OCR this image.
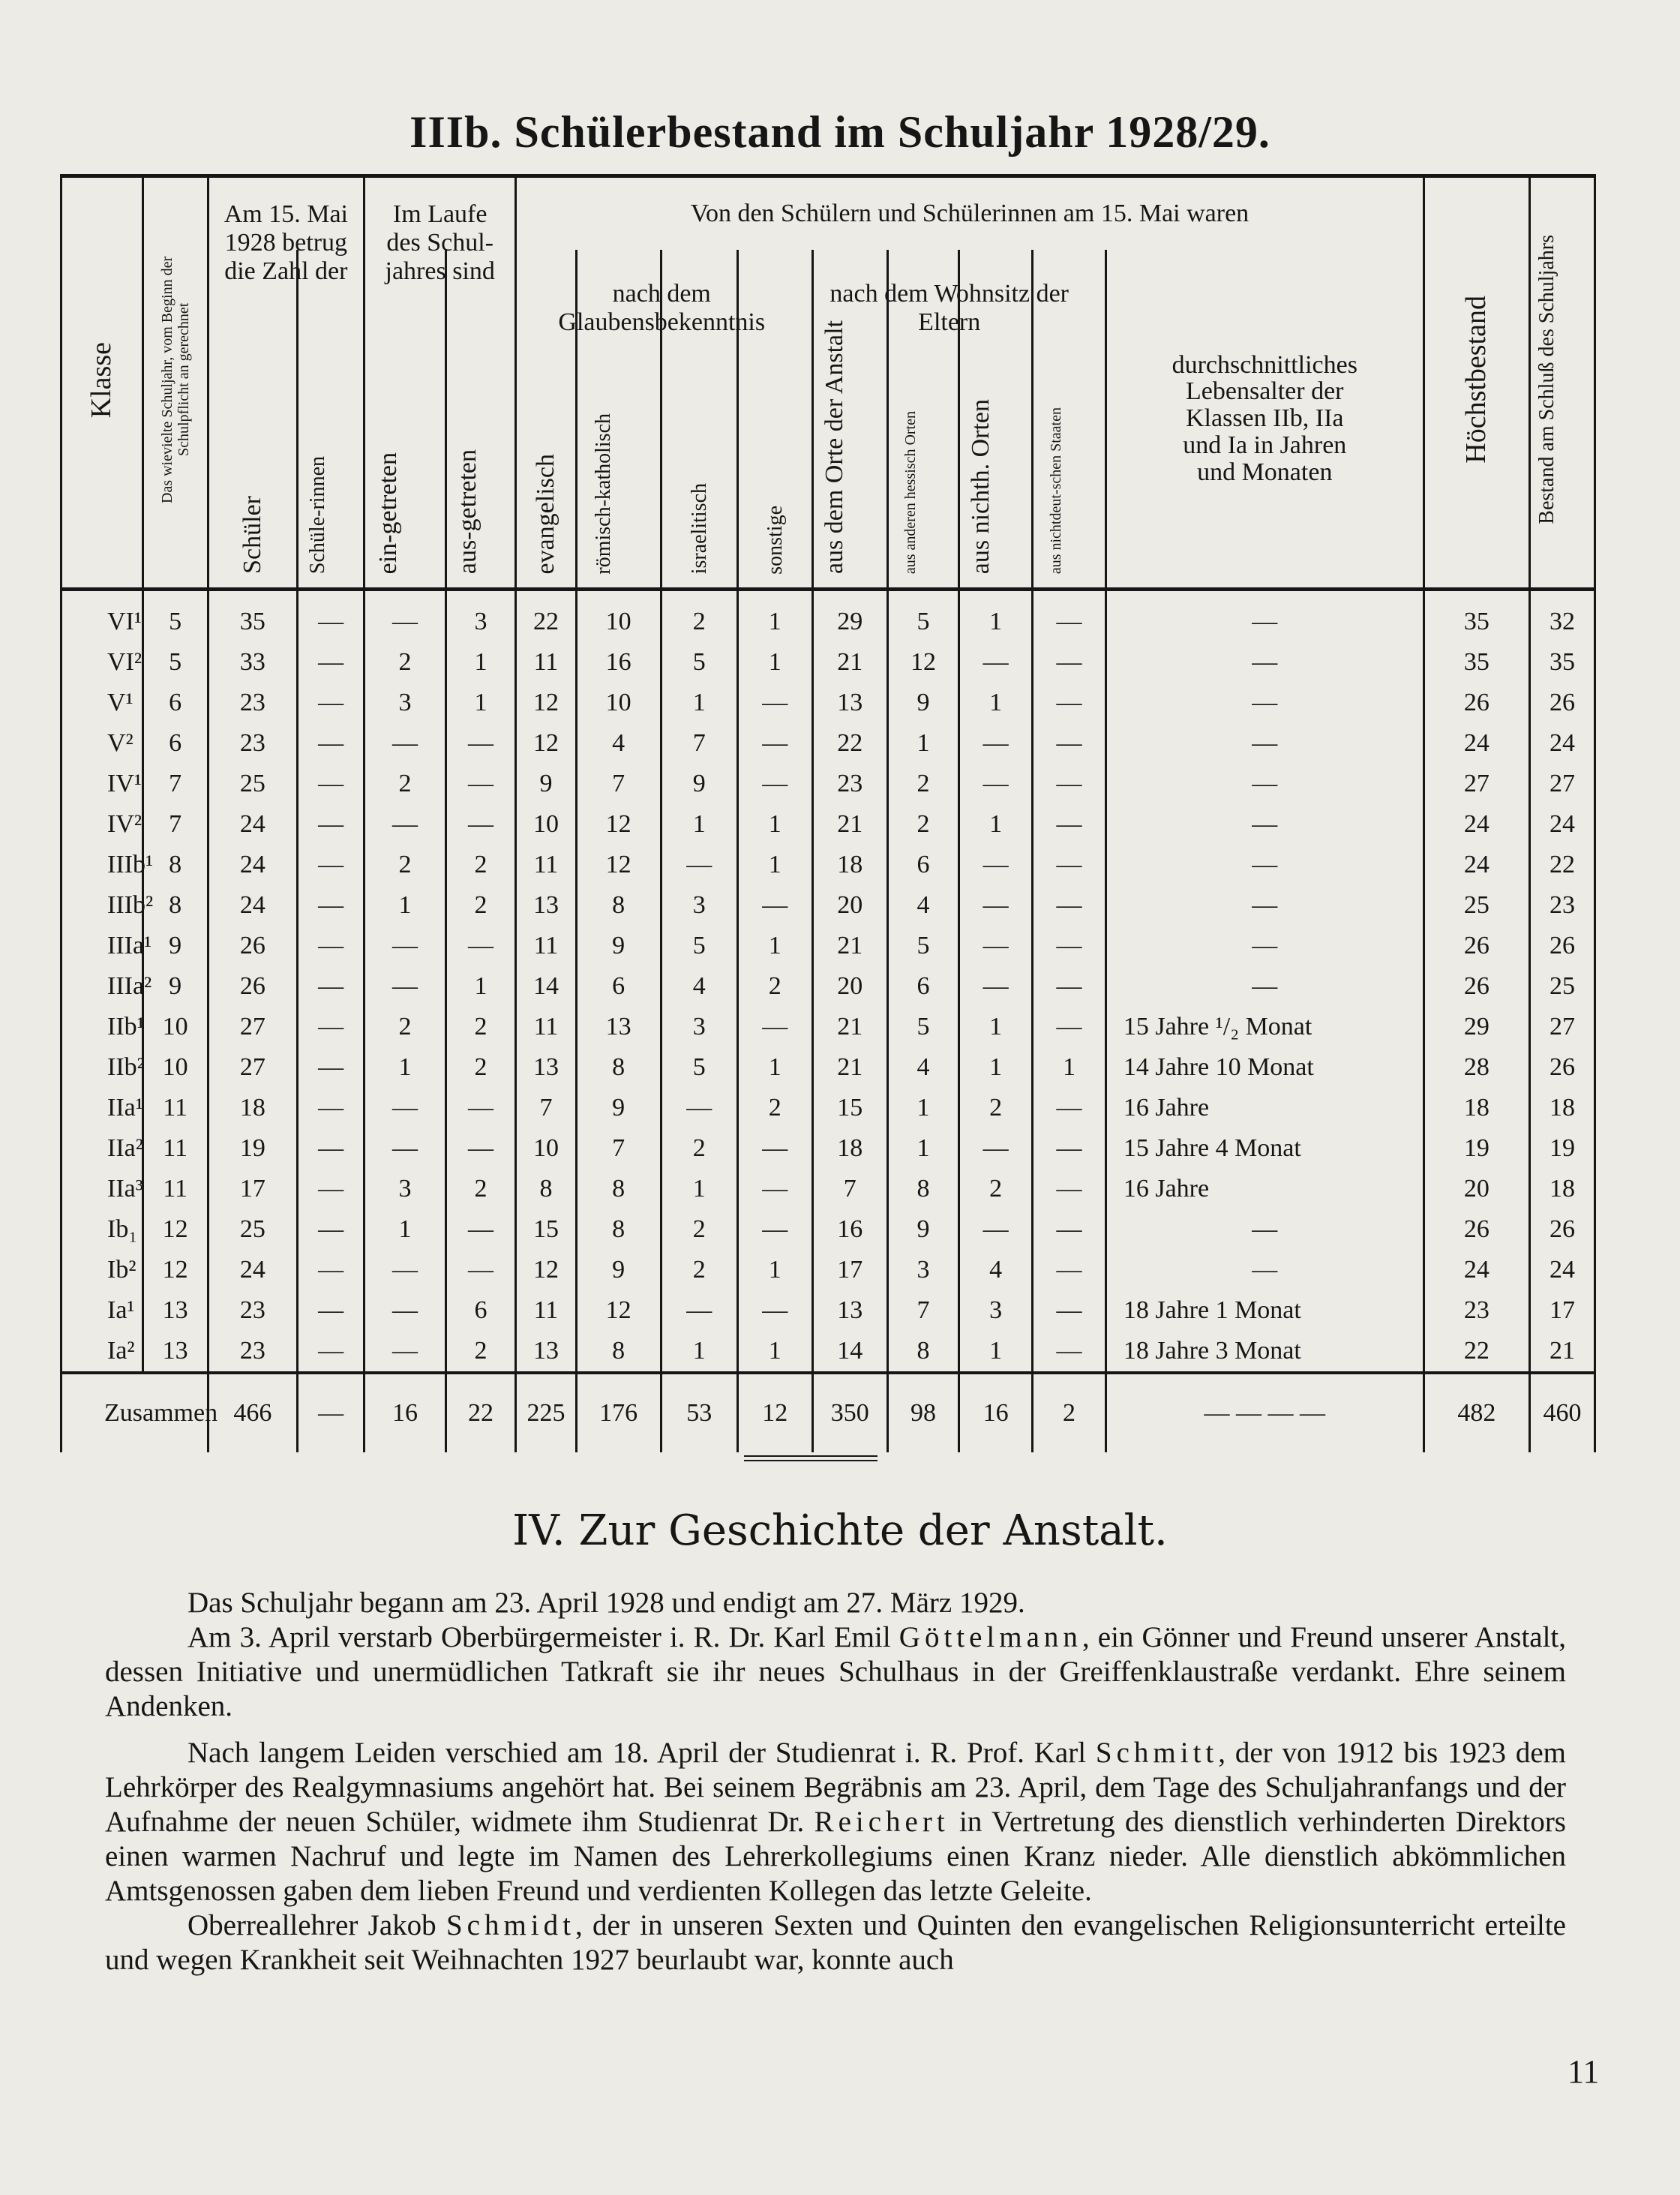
IIIb. Schülerbestand im Schuljahr 1928/29.
Klasse	Das wievielte Schuljahr, vom Beginn der Schulpflicht an gerechnet	Am 15. Mai 1928 betrug die Zahl der		Im Laufe des Schul-jahres sind		Von den Schülern und Schülerinnen am 15. Mai waren									Höchstbestand	Bestand am Schluß des Schuljahrs
		Schüler	Schüle-rinnen	ein-getreten	aus-getreten	nach dem Glaubensbekenntnis
evangelisch	römisch-katholisch	israelitisch	sonstige	nach dem Wohnsitz der Eltern
aus dem Orte der Anstalt	aus anderen hessisch Orten	aus nichth. Orten	aus nichtdeut-schen Staaten	durchschnittliches Lebensalter der Klassen IIb, IIa und Ia in Jahren und Monaten		

VI¹	5	35	—	—	3	22	10	2	1	29	5	1	—	—	35	32
VI²	5	33	—	2	1	11	16	5	1	21	12	—	—	—	35	35
V¹	6	23	—	3	1	12	10	1	—	13	9	1	—	—	26	26
V²	6	23	—	—	—	12	4	7	—	22	1	—	—	—	24	24
IV¹	7	25	—	2	—	9	7	9	—	23	2	—	—	—	27	27
IV²	7	24	—	—	—	10	12	1	1	21	2	1	—	—	24	24
IIIb¹	8	24	—	2	2	11	12	—	1	18	6	—	—	—	24	22
IIIb²	8	24	—	1	2	13	8	3	—	20	4	—	—	—	25	23
IIIa¹	9	26	—	—	—	11	9	5	1	21	5	—	—	—	26	26
IIIa²	9	26	—	—	1	14	6	4	2	20	6	—	—	—	26	25
IIb¹	10	27	—	2	2	11	13	3	—	21	5	1	—	15 Jahre ¹/₂ Monat	29	27
IIb²	10	27	—	1	2	13	8	5	1	21	4	1	1	14 Jahre 10 Monat	28	26
IIa¹	11	18	—	—	—	7	9	—	2	15	1	2	—	16 Jahre	18	18
IIa²	11	19	—	—	—	10	7	2	—	18	1	—	—	15 Jahre 4 Monat	19	19
IIa³	11	17	—	3	2	8	8	1	—	7	8	2	—	16 Jahre	20	18
Ib₁	12	25	—	1	—	15	8	2	—	16	9	—	—	—	26	26
Ib²	12	24	—	—	—	12	9	2	1	17	3	4	—	—	24	24
Ia¹	13	23	—	—	6	11	12	—	—	13	7	3	—	18 Jahre 1 Monat	23	17
Ia²	13	23	—	—	2	13	8	1	1	14	8	1	—	18 Jahre 3 Monat	22	21
Zusammen		466	—	16	22	225	176	53	12	350	98	16	2	— — — —	482	460
IV. Zur Geschichte der Anstalt.

Das Schuljahr begann am 23. April 1928 und endigt am 27. März 1929.

Am 3. April verstarb Oberbürgermeister i. R. Dr. Karl Emil Göttelmann, ein Gönner und Freund unserer Anstalt, dessen Initiative und unermüdlichen Tatkraft sie ihr neues Schulhaus in der Greiffenklaustraße verdankt. Ehre seinem Andenken.

Nach langem Leiden verschied am 18. April der Studienrat i. R. Prof. Karl Schmitt, der von 1912 bis 1923 dem Lehrkörper des Realgymnasiums angehört hat. Bei seinem Begräbnis am 23. April, dem Tage des Schuljahranfangs und der Aufnahme der neuen Schüler, widmete ihm Studienrat Dr. Reichert in Vertretung des dienstlich verhinderten Direktors einen warmen Nachruf und legte im Namen des Lehrerkollegiums einen Kranz nieder. Alle dienstlich abkömmlichen Amtsgenossen gaben dem lieben Freund und verdienten Kollegen das letzte Geleite.

Oberreallehrer Jakob Schmidt, der in unseren Sexten und Quinten den evangelischen Religionsunterricht erteilte und wegen Krankheit seit Weihnachten 1927 beurlaubt war, konnte auch

11
